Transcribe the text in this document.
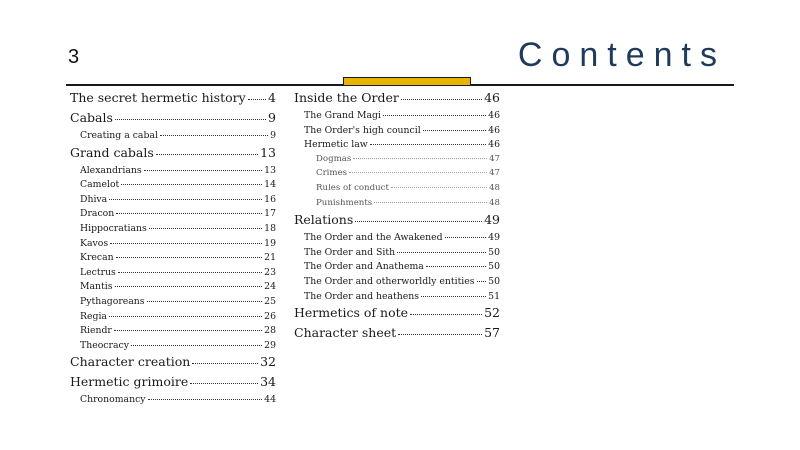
3	Contents
The secret hermetic history 4
Cabals	9
Creating a cabal	9
Grand cabals	13
Alexandrians	13
Camelot	14
Dhiva	16
Dracon	17
Hippocratians	18
Kavos	19
Krecan	21
Lectrus	23
Mantis	24
Pythagoreans	25
Regia	26
Riendr	28
Theocracy	29
Character creation	32
Hermetic grimoire	34
Chronomancy	44
Inside the Order	46
The Grand Magi	46
The Order's high council	46
Hermetic law	46
Dogmas	47
Crimes	47
Rules of conduct	48
Punishments	48
Relations	49
The Order and the Awakened	49
The Order and Sith	50
The Order and Anathema	50
The Order and otherworldly entities 50
The Order and heathens	51
Hermetics of note	52
Character sheet	57
